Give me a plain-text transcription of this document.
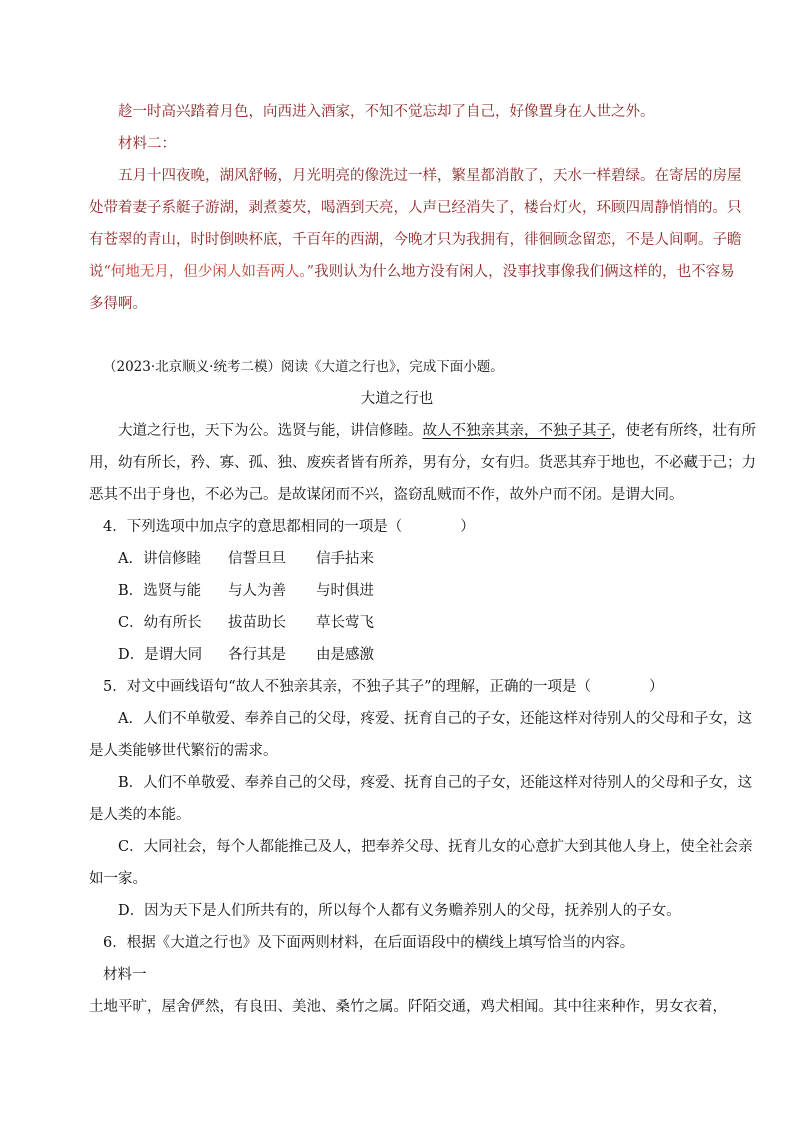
趁一时高兴踏着月色，向西进入酒家，不知不觉忘却了自己，好像置身在人世之外。
材料二：
五月十四夜晚，湖风舒畅，月光明亮的像洗过一样，繁星都消散了，天水一样碧绿。在寄居的房屋
处带着妻子系艇子游湖，剥煮菱芡，喝酒到天亮，人声已经消失了，楼台灯火，环顾四周静悄悄的。只
有苍翠的青山，时时倒映杯底，千百年的西湖，今晚才只为我拥有，徘徊顾念留恋，不是人间啊。子瞻
说“何地无月，但少闲人如吾两人。”我则认为什么地方没有闲人，没事找事像我们俩这样的，也不容易
多得啊。
（2023·北京顺义·统考二模）阅读《大道之行也》，完成下面小题。
大道之行也
大道之行也，天下为公。选贤与能，讲信修睦。故人不独亲其亲，不独子其子，使老有所终，壮有所
用，幼有所长，矜、寡、孤、独、废疾者皆有所养，男有分，女有归。货恶其弃于地也，不必藏于己；力
恶其不出于身也，不必为己。是故谋闭而不兴，盗窃乱贼而不作，故外户而不闭。是谓大同。
4．下列选项中加点字的意思都相同的一项是（　　　　）
A．讲信修睦 信誓旦旦 信手拈来
B．选贤与能 与人为善 与时俱进
C．幼有所长 拔苗助长 草长莺飞
D．是谓大同 各行其是 由是感激
5．对文中画线语句“故人不独亲其亲，不独子其子”的理解，正确的一项是（　　　　）
A．人们不单敬爱、奉养自己的父母，疼爱、抚育自己的子女，还能这样对待别人的父母和子女，这
是人类能够世代繁衍的需求。
B．人们不单敬爱、奉养自己的父母，疼爱、抚育自己的子女，还能这样对待别人的父母和子女，这
是人类的本能。
C．大同社会，每个人都能推己及人，把奉养父母、抚育儿女的心意扩大到其他人身上，使全社会亲
如一家。
D．因为天下是人们所共有的，所以每个人都有义务赡养别人的父母，抚养别人的子女。
6．根据《大道之行也》及下面两则材料，在后面语段中的横线上填写恰当的内容。
材料一
土地平旷，屋舍俨然，有良田、美池、桑竹之属。阡陌交通，鸡犬相闻。其中往来种作，男女衣着，
